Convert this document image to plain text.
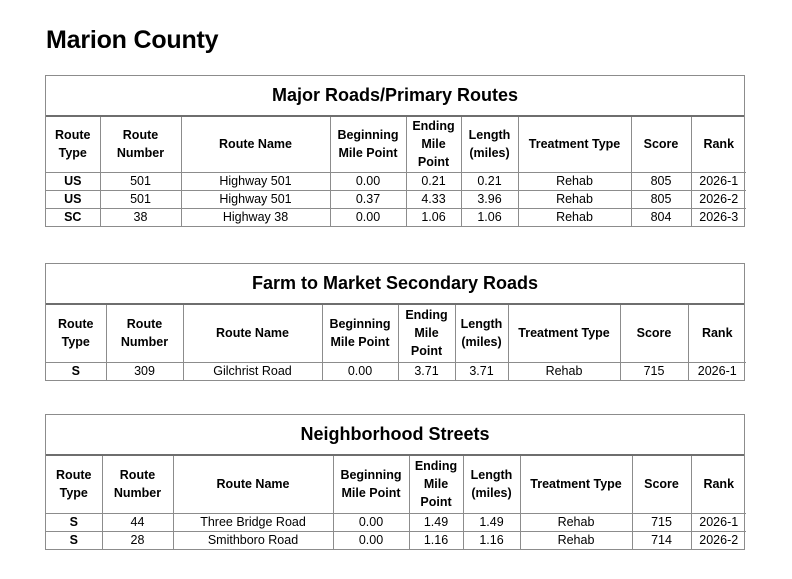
Marion County
Major Roads/Primary Routes
Route Type	Route Number	Route Name	Beginning Mile Point	Ending Mile Point	Length (miles)	Treatment Type	Score	Rank
US	501	Highway 501	0.00	0.21	0.21	Rehab	805	2026-1
US	501	Highway 501	0.37	4.33	3.96	Rehab	805	2026-2
SC	38	Highway 38	0.00	1.06	1.06	Rehab	804	2026-3
Farm to Market Secondary Roads
Route Type	Route Number	Route Name	Beginning Mile Point	Ending Mile Point	Length (miles)	Treatment Type	Score	Rank
S	309	Gilchrist Road	0.00	3.71	3.71	Rehab	715	2026-1
Neighborhood Streets
Route Type	Route Number	Route Name	Beginning Mile Point	Ending Mile Point	Length (miles)	Treatment Type	Score	Rank
S	44	Three Bridge Road	0.00	1.49	1.49	Rehab	715	2026-1
S	28	Smithboro Road	0.00	1.16	1.16	Rehab	714	2026-2
